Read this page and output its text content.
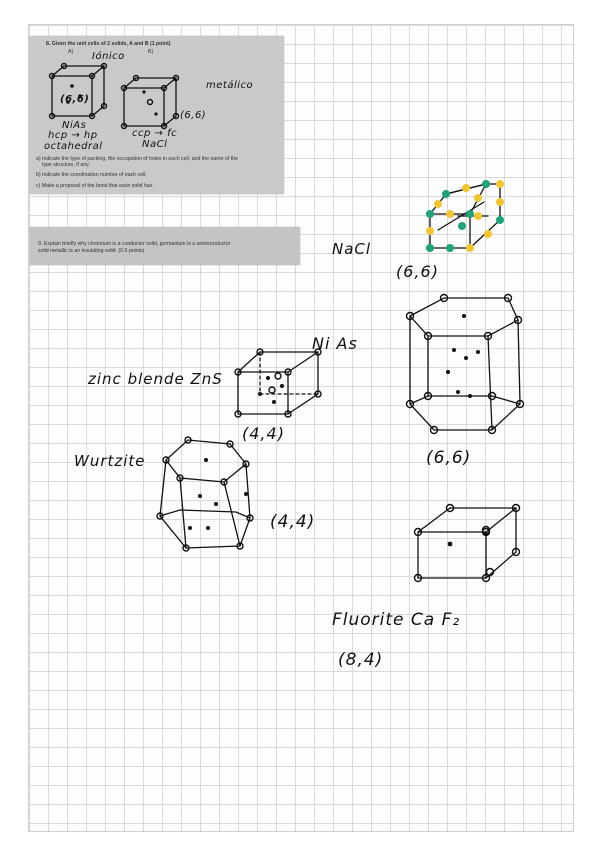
8. Given the unit cells of 2 solids, A and B (1 point)
A)	B)
Iónico
metálico
(6,6)
(6,6)
NiAs
hcp → hp
octahedral
ccp → fc
NaCl
a) Indicate the type of packing, the occupation of holes in each cell, and the name of the
type structure, if any.
b) Indicate the coordination number of each cell.
c) Make a proposal of the bond that each solid has.
9. Explain briefly why chromium is a conductor solid, germanium is a semiconductor
solid metallic is an insulating solid. (0.5 points)	NaCl
(6,6)
Ni As
zinc blende ZnS
(4,4)
(6,6)
Wurtzite
(4,4)
Fluorite Ca F₂
(8,4)
